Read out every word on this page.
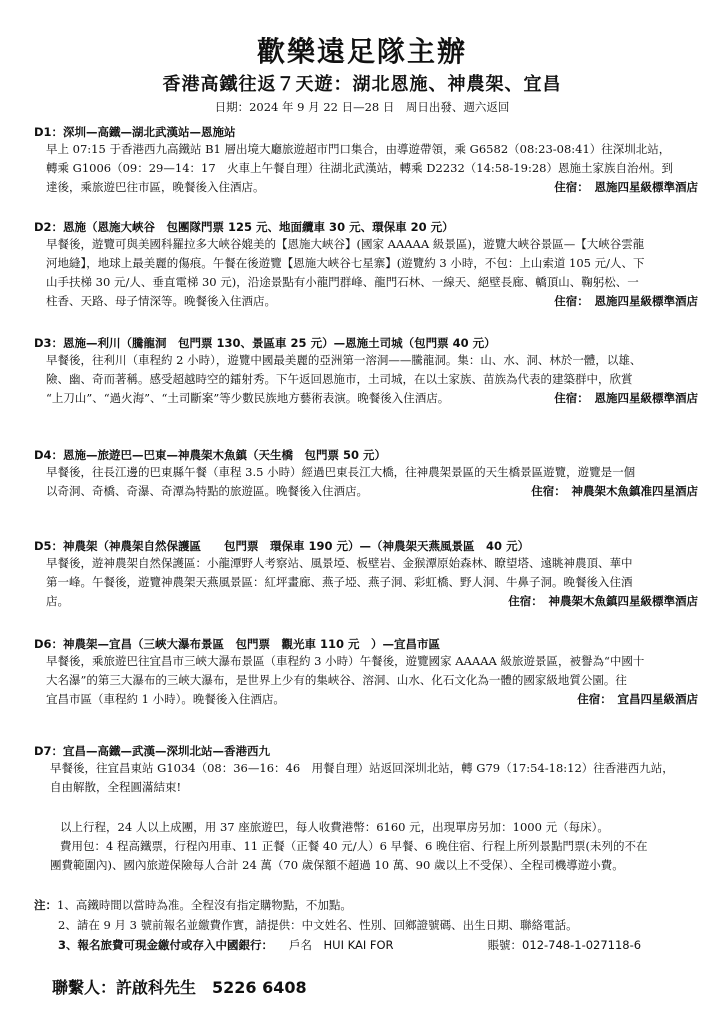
歡樂遠足隊主辦
香港高鐵往返７天遊：湖北恩施、神農架、宜昌
日期：2024 年 9 月 22 日—28 日　周日出發、週六返回
D1：深圳—高鐵—湖北武漢站—恩施站
早上 07:15 于香港西九高鐵站 B1 層出境大廳旅遊超市門口集合，由導遊帶領，乘 G6582（08:23-08:41）往深圳北站，
轉乘 G1006（09：29—14：17　火車上午餐自理）往湖北武漢站，轉乘 D2232（14:58-19:28）恩施土家族自治州。到
達後，乘旅遊巴往市區，晚餐後入住酒店。	住宿：　恩施四星級標準酒店
D2：恩施（恩施大峽谷　包團隊門票 125 元、地面纜車 30 元、環保車 20 元）
早餐後，遊覽可與美國科羅拉多大峽谷媲美的【恩施大峽谷】(國家 AAAAA 級景區)，遊覽大峽谷景區—【大峽谷雲龍
河地縫】，地球上最美麗的傷痕。午餐在後遊覽【恩施大峽谷七星寨】(遊覽約 3 小時，不包：上山索道 105 元/人、下
山手扶梯 30 元/人、垂直電梯 30 元)，沿途景點有小龍門群峰、龍門石林、一線天、絕壁長廊、轎頂山、鞠躬松、一
柱香、天路、母子情深等。晚餐後入住酒店。	住宿：　恩施四星級標準酒店
D3：恩施—利川（騰龍洞　包門票 130、景區車 25 元）—恩施土司城（包門票 40 元）
早餐後，往利川（車程約 2 小時），遊覽中國最美麗的亞洲第一溶洞——騰龍洞。集：山、水、洞、林於一體，以雄、
險、幽、奇而著稱。感受超越時空的鐳射秀。下午返回恩施市，土司城，在以土家族、苗族為代表的建築群中，欣賞
“上刀山”、“過火海”、“土司斷案”等少數民族地方藝術表演。晚餐後入住酒店。	住宿：　恩施四星級標準酒店
D4：恩施—旅遊巴—巴東—神農架木魚鎮（天生橋　包門票 50 元）
早餐後，往長江邊的巴東縣午餐（車程 3.5 小時）經過巴東長江大橋，往神農架景區的天生橋景區遊覽，遊覽是一個
以奇洞、奇橋、奇瀑、奇潭為特點的旅遊區。晚餐後入住酒店。	住宿：　神農架木魚鎮准四星酒店
D5：神農架（神農架自然保護區　　包門票　環保車 190 元）—（神農架天燕風景區　40 元）
早餐後，遊神農架自然保護區：小龍潭野人考察站、風景埡、板壁岩、金猴潭原始森林、瞭望塔、遠眺神農頂、華中
第一峰。午餐後，遊覽神農架天燕風景區：紅坪畫廊、燕子埡、燕子洞、彩虹橋、野人洞、牛鼻子洞。晚餐後入住酒
店。	住宿：　神農架木魚鎮四星級標準酒店
D6：神農架—宜昌（三峽大瀑布景區　包門票　觀光車 110 元　）—宜昌市區
早餐後，乘旅遊巴往宜昌市三峽大瀑布景區（車程約 3 小時）午餐後，遊覽國家 AAAAA 級旅遊景區，被譽為“中國十
大名瀑”的第三大瀑布的三峽大瀑布，是世界上少有的集峽谷、溶洞、山水、化石文化為一體的國家級地質公園。往
宜昌市區（車程約 1 小時）。晚餐後入住酒店。	住宿：　宜昌四星級酒店
D7：宜昌—高鐵—武漢—深圳北站—香港西九
早餐後，往宜昌東站 G1034（08：36—16：46　用餐自理）站返回深圳北站，轉 G79（17:54-18:12）往香港西九站，
自由解散，全程圓滿結束!
以上行程，24 人以上成團，用 37 座旅遊巴，每人收費港幣：6160 元，出現單房另加：1000 元（每床）。
費用包：4 程高鐵票，行程內用車、11 正餐（正餐 40 元/人）6 早餐、6 晚住宿、行程上所列景點門票(未列的不在
團費範圍內)、國內旅遊保險每人合計 24 萬（70 歲保額不超過 10 萬、90 歲以上不受保）、全程司機導遊小費。
注：1、高鐵時間以當時為准。全程沒有指定購物點，不加點。
2、請在 9 月 3 號前報名並繳費作實，請提供：中文姓名、性別、回鄉證號碼、出生日期、聯絡電話。
3、報名旅費可現金繳付或存入中國銀行： 戶名　HUI KAI FOR	賬號：012-748-1-027118-6
聯繫人：許啟科先生 5226 6408
